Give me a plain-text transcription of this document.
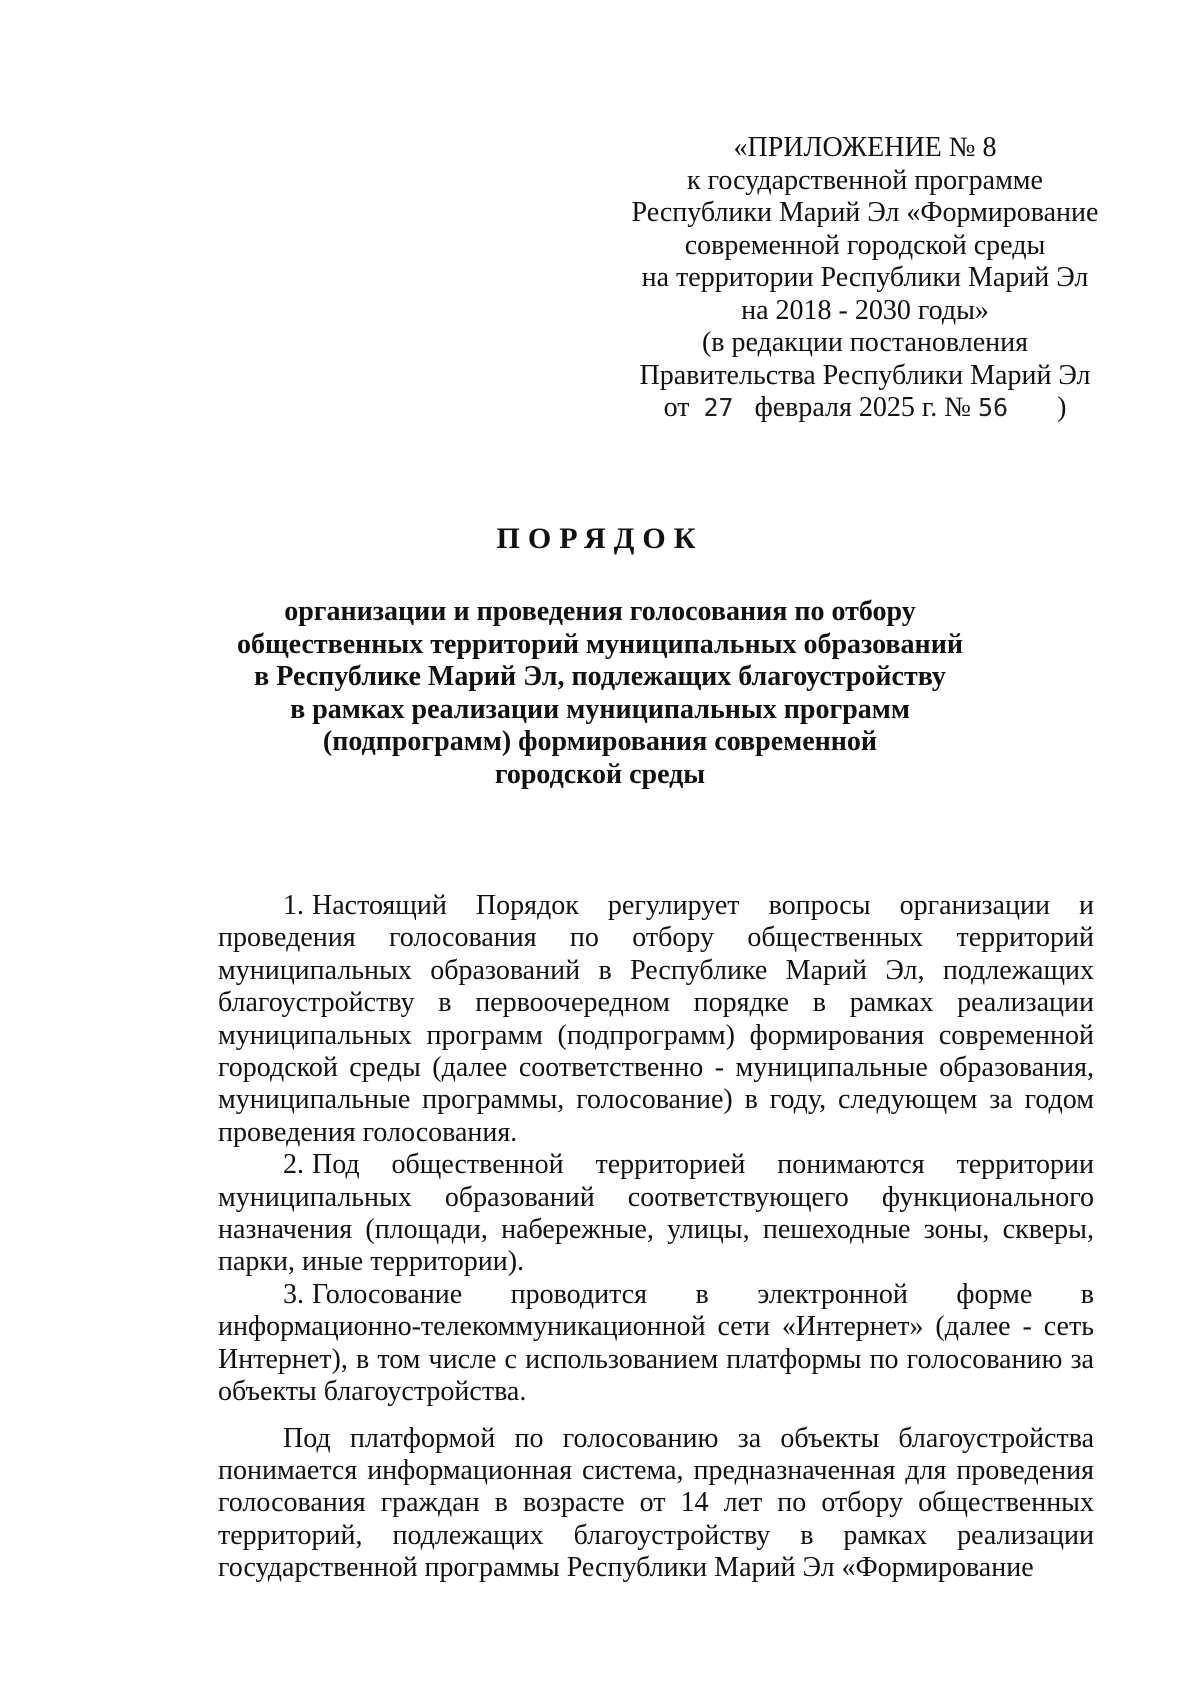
«ПРИЛОЖЕНИЕ № 8
к государственной программе
Республики Марий Эл «Формирование
современной городской среды
на территории Республики Марий Эл
на 2018 - 2030 годы»
(в редакции постановления
Правительства Республики Марий Эл
от 27 февраля 2025 г. № 56 )
ПОРЯДОК
организации и проведения голосования по отбору
общественных территорий муниципальных образований
в Республике Марий Эл, подлежащих благоустройству
в рамках реализации муниципальных программ
(подпрограмм) формирования современной
городской среды

1. Настоящий Порядок регулирует вопросы организации и проведения голосования по отбору общественных территорий муниципальных образований в Республике Марий Эл, подлежащих благоустройству в первоочередном порядке в рамках реализации муниципальных программ (подпрограмм) формирования современной городской среды (далее соответственно - муниципальные образования, муниципальные программы, голосование) в году, следующем за годом проведения голосования.

2. Под общественной территорией понимаются территории муниципальных образований соответствующего функционального назначения (площади, набережные, улицы, пешеходные зоны, скверы, парки, иные территории).

3. Голосование проводится в электронной форме в информационно-телекоммуникационной сети «Интернет» (далее - сеть Интернет), в том числе с использованием платформы по голосованию за объекты благоустройства.

Под платформой по голосованию за объекты благоустройства понимается информационная система, предназначенная для проведения голосования граждан в возрасте от 14 лет по отбору общественных территорий, подлежащих благоустройству в рамках реализации государственной программы Республики Марий Эл «Формирование
